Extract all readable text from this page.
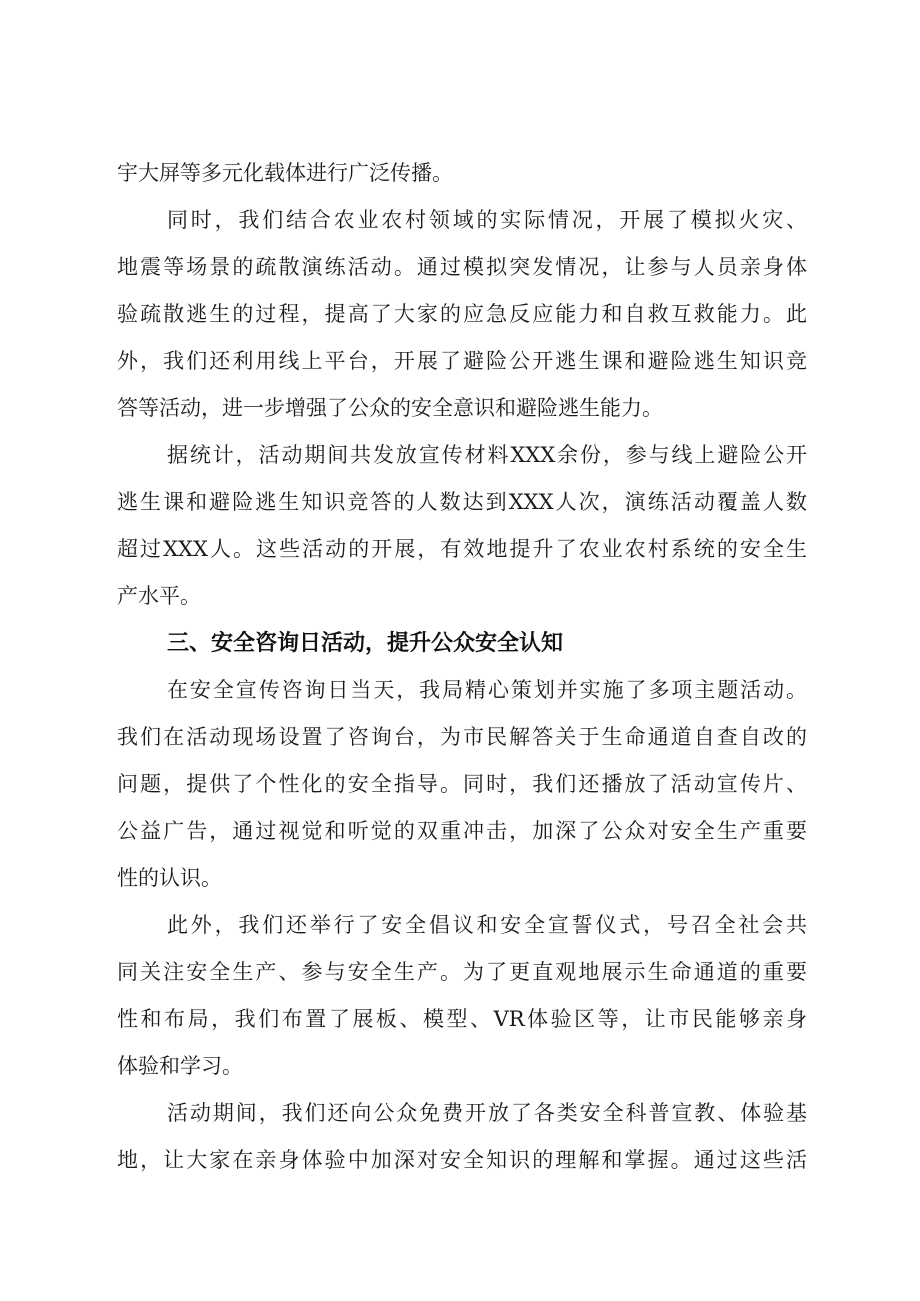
宇大屏等多元化载体进行广泛传播。
同时，我们结合农业农村领域的实际情况，开展了模拟火灾、
地震等场景的疏散演练活动。通过模拟突发情况，让参与人员亲身体
验疏散逃生的过程，提高了大家的应急反应能力和自救互救能力。此
外，我们还利用线上平台，开展了避险公开逃生课和避险逃生知识竞
答等活动，进一步增强了公众的安全意识和避险逃生能力。
据统计，活动期间共发放宣传材料XXX余份，参与线上避险公开
逃生课和避险逃生知识竞答的人数达到XXX人次，演练活动覆盖人数
超过XXX人。这些活动的开展，有效地提升了农业农村系统的安全生
产水平。
三、安全咨询日活动，提升公众安全认知
在安全宣传咨询日当天，我局精心策划并实施了多项主题活动。
我们在活动现场设置了咨询台，为市民解答关于生命通道自查自改的
问题，提供了个性化的安全指导。同时，我们还播放了活动宣传片、
公益广告，通过视觉和听觉的双重冲击，加深了公众对安全生产重要
性的认识。
此外，我们还举行了安全倡议和安全宣誓仪式，号召全社会共
同关注安全生产、参与安全生产。为了更直观地展示生命通道的重要
性和布局，我们布置了展板、模型、VR体验区等，让市民能够亲身
体验和学习。
活动期间，我们还向公众免费开放了各类安全科普宣教、体验基
地，让大家在亲身体验中加深对安全知识的理解和掌握。通过这些活
